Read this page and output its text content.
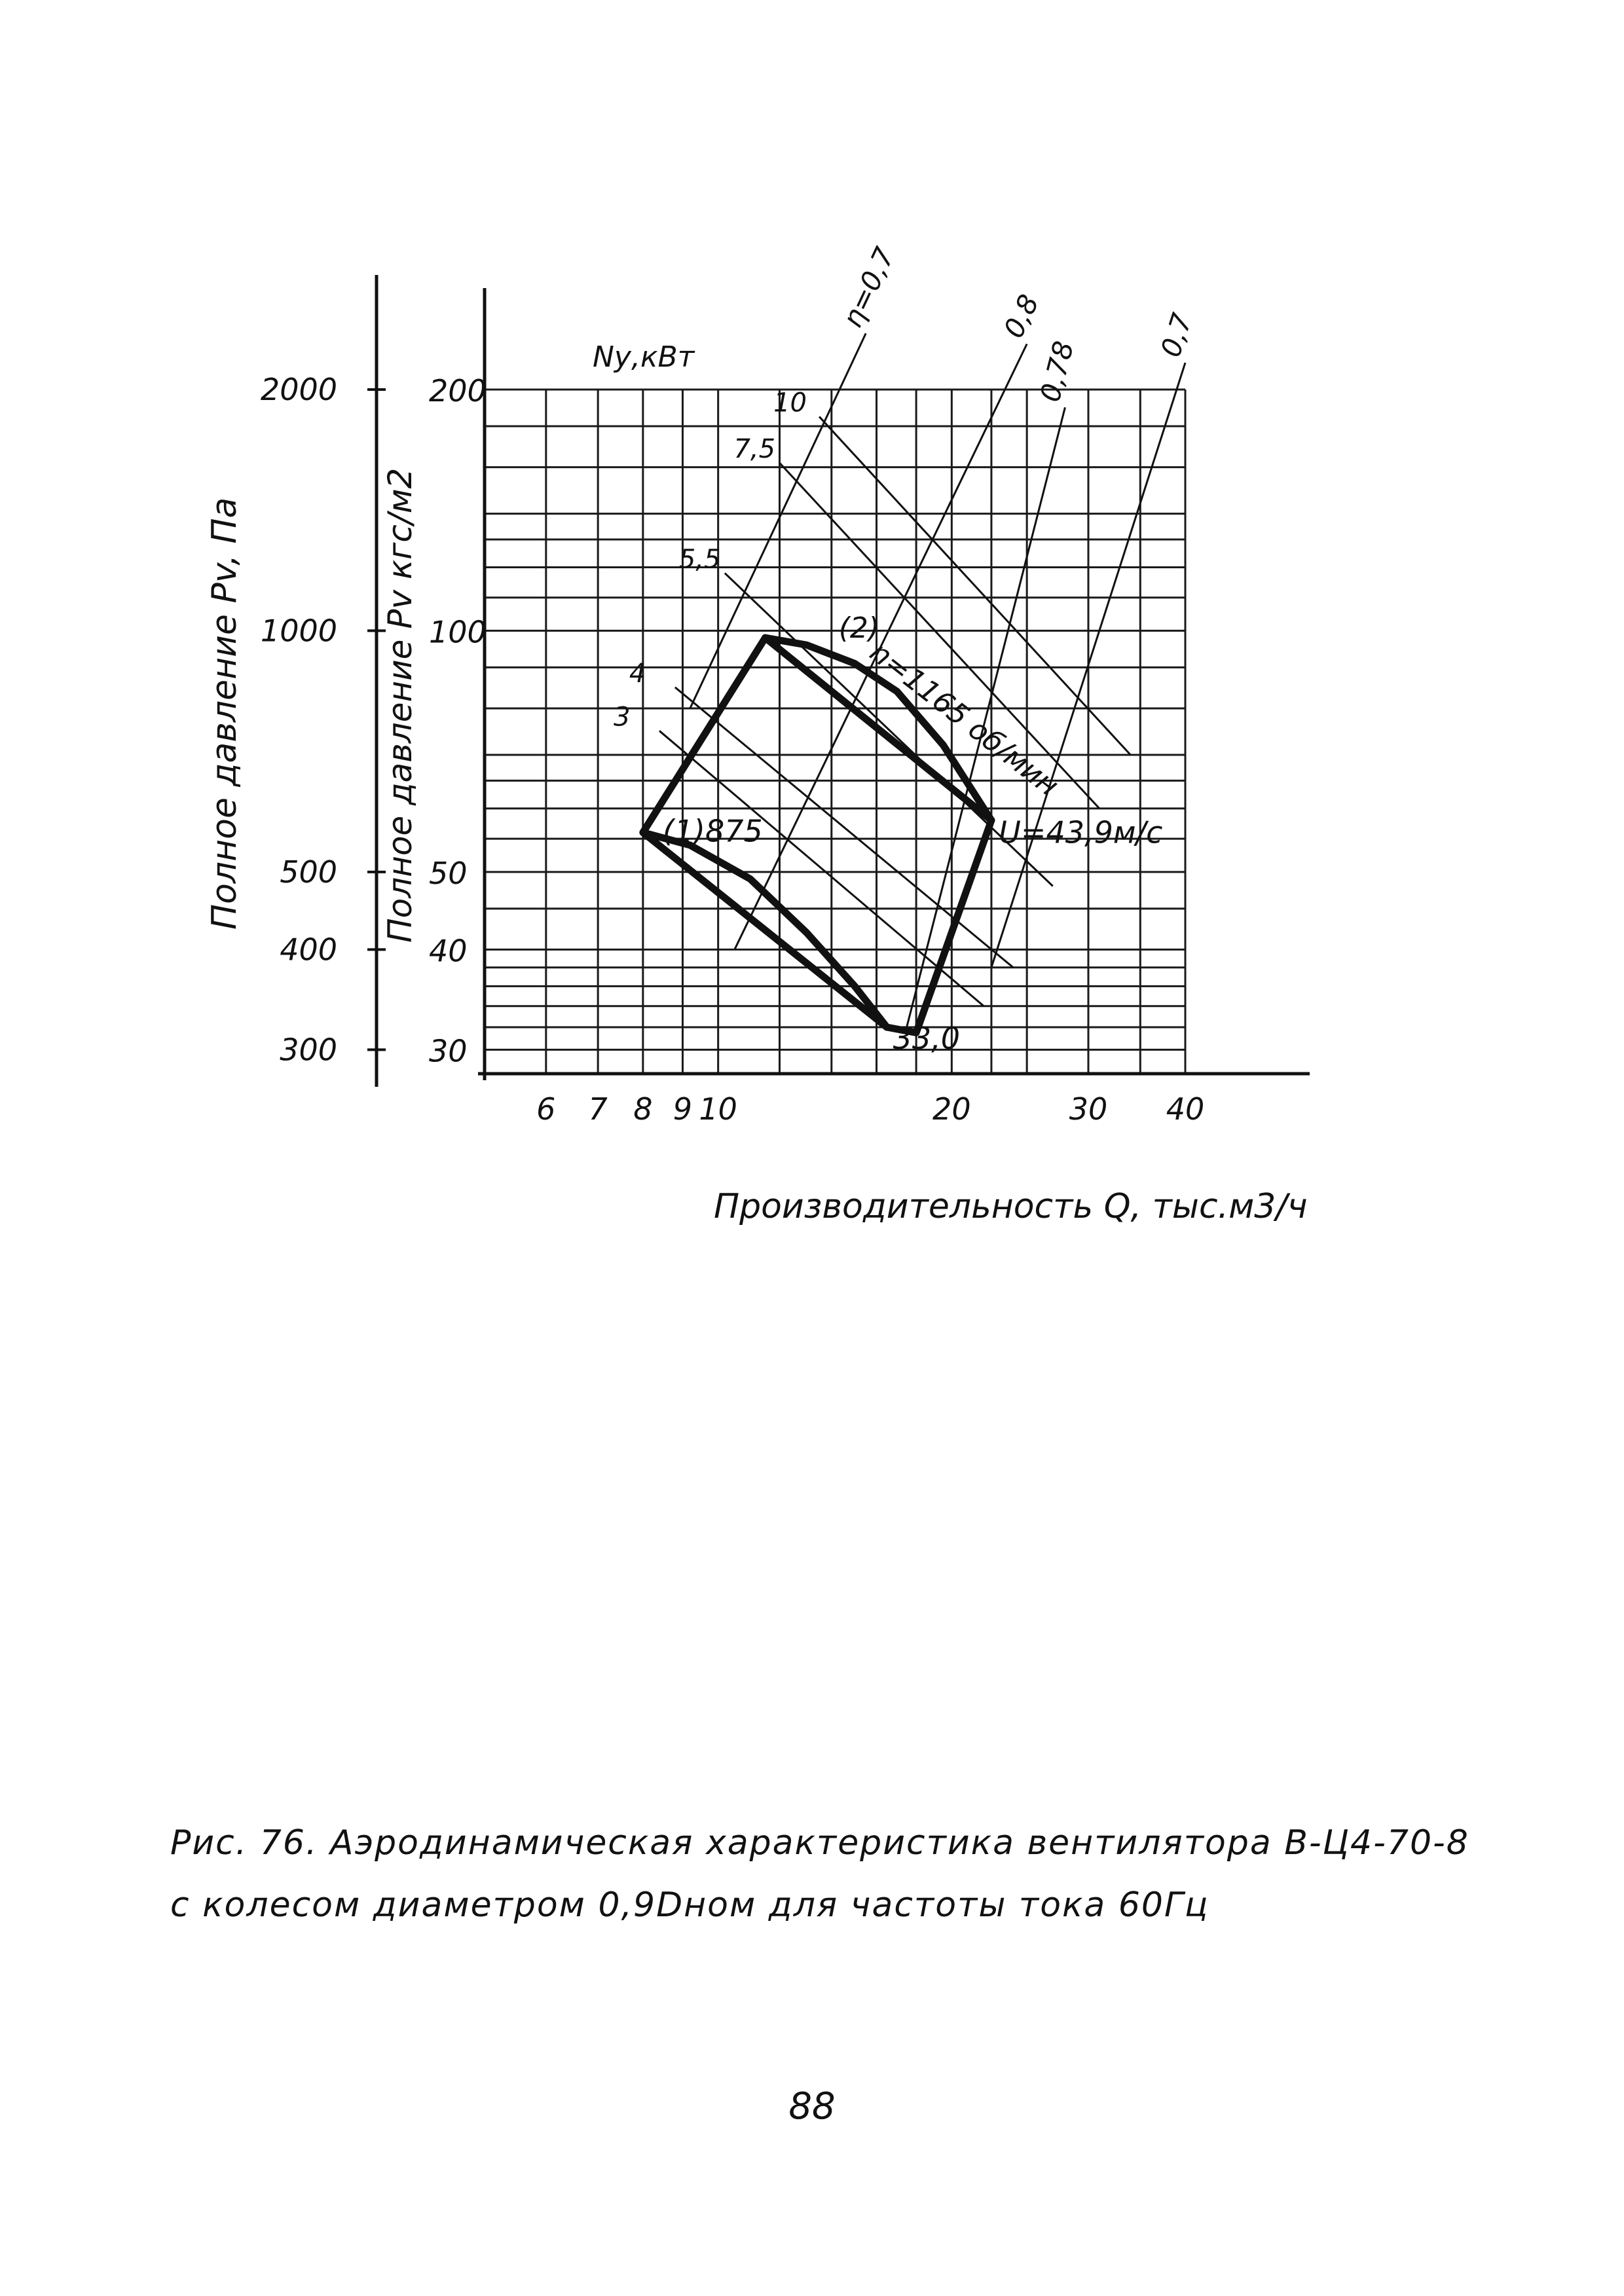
6 7 8 9 10	20	30 40
200
100
50
40
30
2000
1000
500
400
300
Полное давление Pv, Па	Полное давление Pv кгс/м2
Производительность Q, тыс.м3/ч
Nу,кВт
10
7,5
5,5
4
3
η=0,7	0,8
0,78
0,7
(1)875
(2)
n=1165 об/мин
U=43,9м/с
33,0
Рис. 76. Аэродинамическая характеристика вентилятора В-Ц4-70-8
с колесом диаметром 0,9Dном для частоты тока 60Гц
88
